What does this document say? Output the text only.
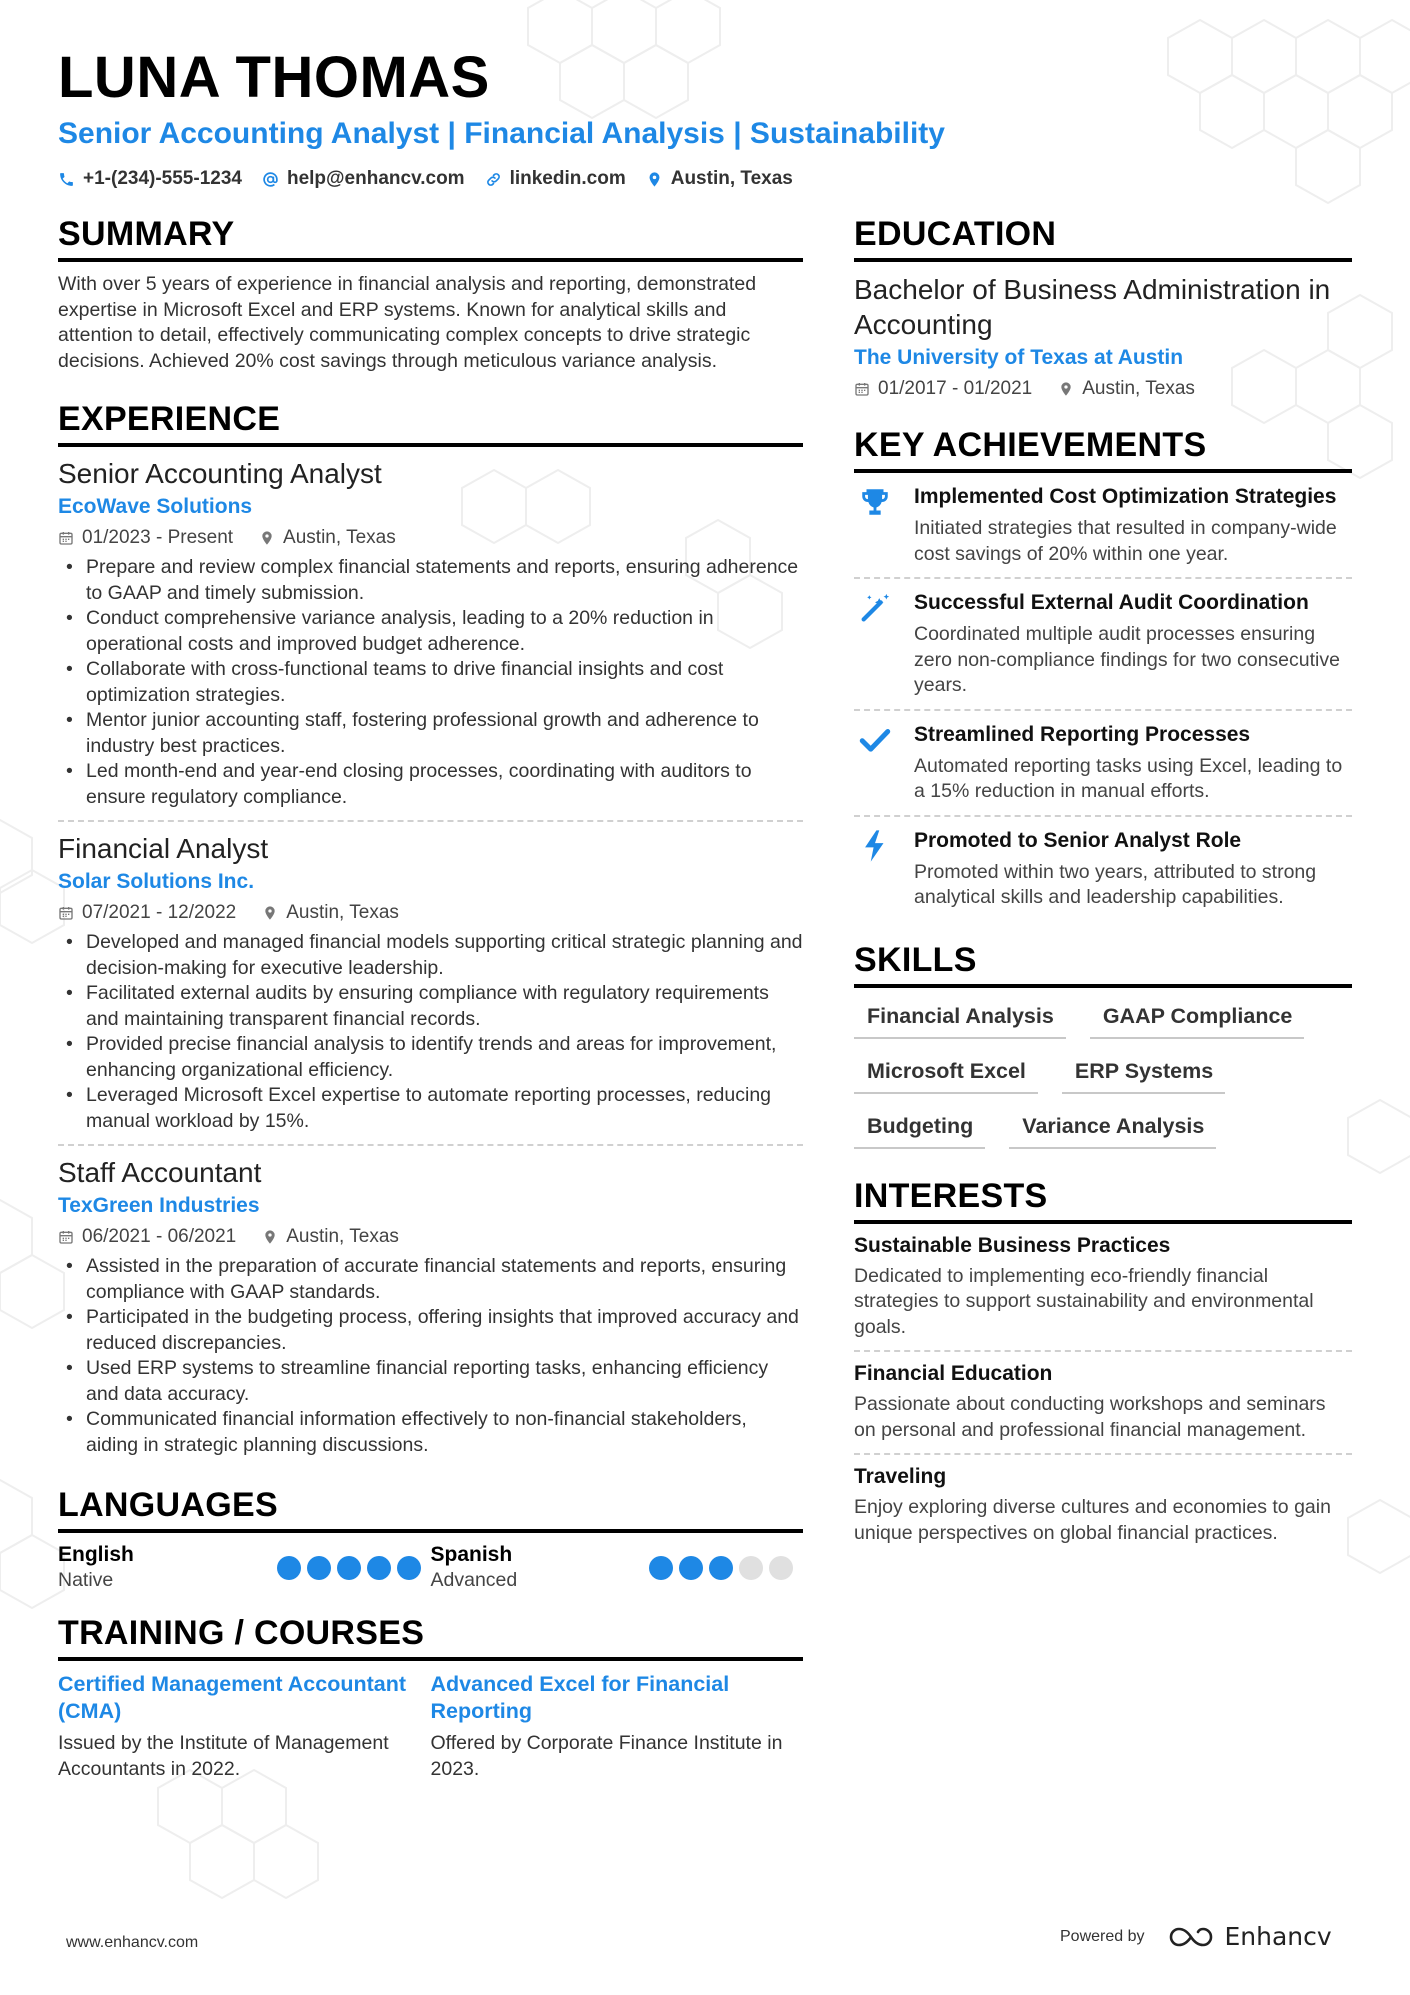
LUNA THOMAS
Senior Accounting Analyst | Financial Analysis | Sustainability
+1-(234)-555-1234 help@enhancv.com linkedin.com Austin, Texas
SUMMARY
With over 5 years of experience in financial analysis and reporting, demonstrated expertise in Microsoft Excel and ERP systems. Known for analytical skills and attention to detail, effectively communicating complex concepts to drive strategic decisions. Achieved 20% cost savings through meticulous variance analysis.
EXPERIENCE
Senior Accounting Analyst
EcoWave Solutions
01/2023 - Present	Austin, Texas
• Prepare and review complex financial statements and reports, ensuring adherence to GAAP and timely submission.
• Conduct comprehensive variance analysis, leading to a 20% reduction in operational costs and improved budget adherence.
• Collaborate with cross-functional teams to drive financial insights and cost optimization strategies.
• Mentor junior accounting staff, fostering professional growth and adherence to industry best practices.
• Led month-end and year-end closing processes, coordinating with auditors to ensure regulatory compliance.
Financial Analyst
Solar Solutions Inc.
07/2021 - 12/2022	Austin, Texas
• Developed and managed financial models supporting critical strategic planning and decision-making for executive leadership.
• Facilitated external audits by ensuring compliance with regulatory requirements and maintaining transparent financial records.
• Provided precise financial analysis to identify trends and areas for improvement, enhancing organizational efficiency.
• Leveraged Microsoft Excel expertise to automate reporting processes, reducing manual workload by 15%.
Staff Accountant
TexGreen Industries
06/2021 - 06/2021	Austin, Texas
• Assisted in the preparation of accurate financial statements and reports, ensuring compliance with GAAP standards.
• Participated in the budgeting process, offering insights that improved accuracy and reduced discrepancies.
• Used ERP systems to streamline financial reporting tasks, enhancing efficiency and data accuracy.
• Communicated financial information effectively to non-financial stakeholders, aiding in strategic planning discussions.
LANGUAGES
English
Native
Spanish
Advanced
TRAINING / COURSES
Certified Management Accountant (CMA)
Issued by the Institute of Management Accountants in 2022.
Advanced Excel for Financial Reporting
Offered by Corporate Finance Institute in 2023.
EDUCATION
Bachelor of Business Administration in Accounting
The University of Texas at Austin
01/2017 - 01/2021	Austin, Texas
KEY ACHIEVEMENTS
Implemented Cost Optimization Strategies
Initiated strategies that resulted in company-wide cost savings of 20% within one year.
Successful External Audit Coordination
Coordinated multiple audit processes ensuring zero non-compliance findings for two consecutive years.
Streamlined Reporting Processes
Automated reporting tasks using Excel, leading to a 15% reduction in manual efforts.
Promoted to Senior Analyst Role
Promoted within two years, attributed to strong analytical skills and leadership capabilities.
SKILLS
Financial Analysis	GAAP Compliance
Microsoft Excel	ERP Systems
Budgeting	Variance Analysis
INTERESTS
Sustainable Business Practices
Dedicated to implementing eco-friendly financial strategies to support sustainability and environmental goals.
Financial Education
Passionate about conducting workshops and seminars on personal and professional financial management.
Traveling
Enjoy exploring diverse cultures and economies to gain unique perspectives on global financial practices.
www.enhancv.com	Powered by	Enhancv
